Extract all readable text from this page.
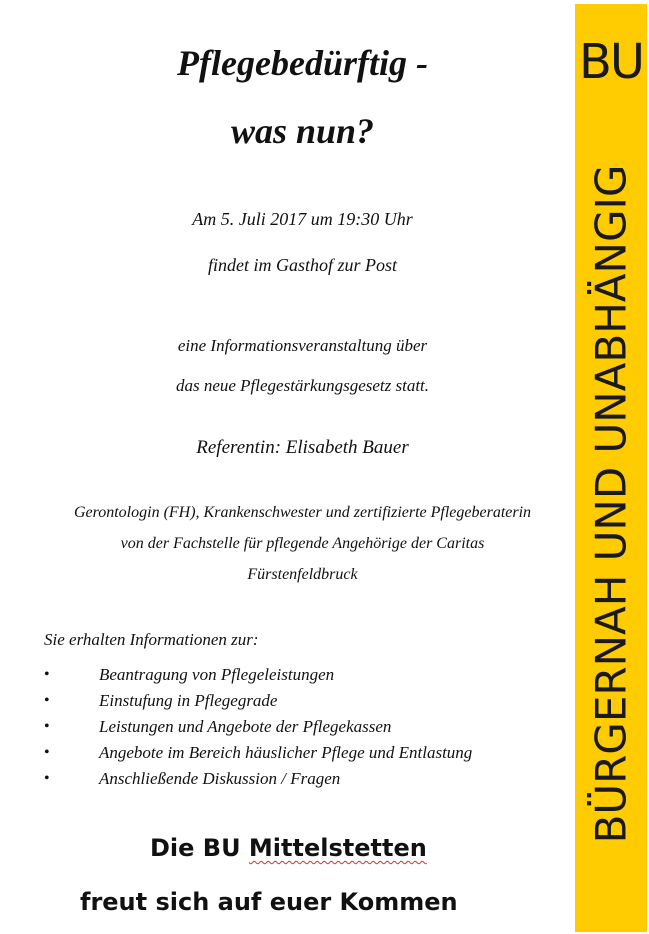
Pflegebedürftig -
was nun?

Am 5. Juli 2017 um 19:30 Uhr

findet im Gasthof zur Post

eine Informationsveranstaltung über

das neue Pflegestärkungsgesetz statt.

Referentin: Elisabeth Bauer

Gerontologin (FH), Krankenschwester und zertifizierte Pflegeberaterin

von der Fachstelle für pflegende Angehörige der Caritas

Fürstenfeldbruck

Sie erhalten Informationen zur:

•	Beantragung von Pflegeleistungen
•	Einstufung in Pflegegrade
•	Leistungen und Angebote der Pflegekassen
•	Angebote im Bereich häuslicher Pflege und Entlastung
•	Anschließende Diskussion / Fragen

Die BU Mittelstetten

freut sich auf euer Kommen

BU
BÜRGERNAH UND UNABHÄNGIG
